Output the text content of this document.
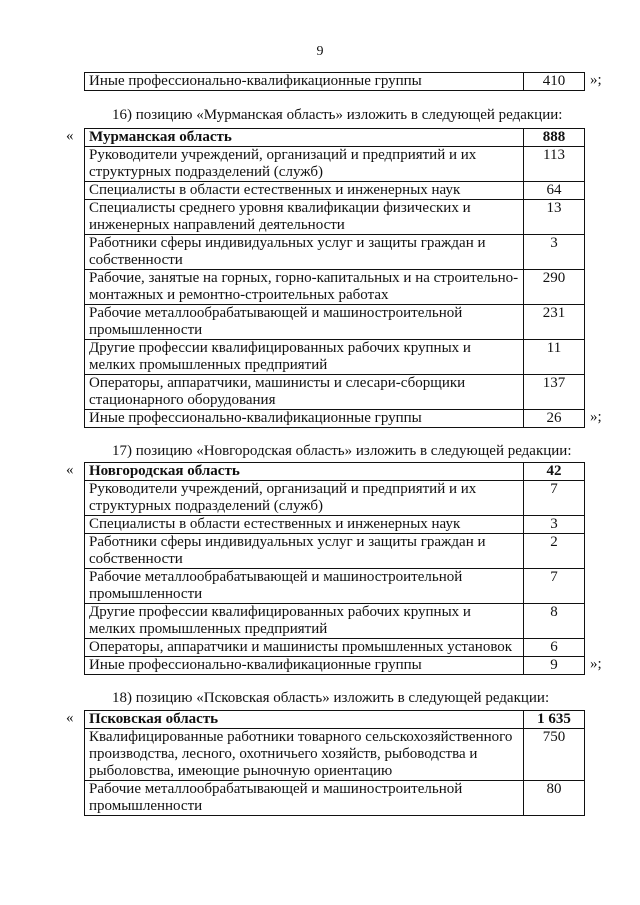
9
Иные профессионально-квалификационные группы	410 »;
16) позицию «Мурманская область» изложить в следующей редакции:
« Мурманская область	888
Руководители учреждений, организаций и предприятий и их структурных подразделений (служб)	113
Специалисты в области естественных и инженерных наук	64
Специалисты среднего уровня квалификации физических и инженерных направлений деятельности	13
Работники сферы индивидуальных услуг и защиты граждан и собственности	3
Рабочие, занятые на горных, горно-капитальных и на строительно-монтажных и ремонтно-строительных работах	290
Рабочие металлообрабатывающей и машиностроительной промышленности	231
Другие профессии квалифицированных рабочих крупных и мелких промышленных предприятий	11
Операторы, аппаратчики, машинисты и слесари-сборщики стационарного оборудования	137
Иные профессионально-квалификационные группы	26 »;
17) позицию «Новгородская область» изложить в следующей редакции:
« Новгородская область	42
Руководители учреждений, организаций и предприятий и их структурных подразделений (служб)	7
Специалисты в области естественных и инженерных наук	3
Работники сферы индивидуальных услуг и защиты граждан и собственности	2
Рабочие металлообрабатывающей и машиностроительной промышленности	7
Другие профессии квалифицированных рабочих крупных и мелких промышленных предприятий	8
Операторы, аппаратчики и машинисты промышленных установок	6
Иные профессионально-квалификационные группы	9 »;
18) позицию «Псковская область» изложить в следующей редакции:
« Псковская область	1 635
Квалифицированные работники товарного сельскохозяйственного производства, лесного, охотничьего хозяйств, рыбоводства и рыболовства, имеющие рыночную ориентацию	750
Рабочие металлообрабатывающей и машиностроительной промышленности	80
